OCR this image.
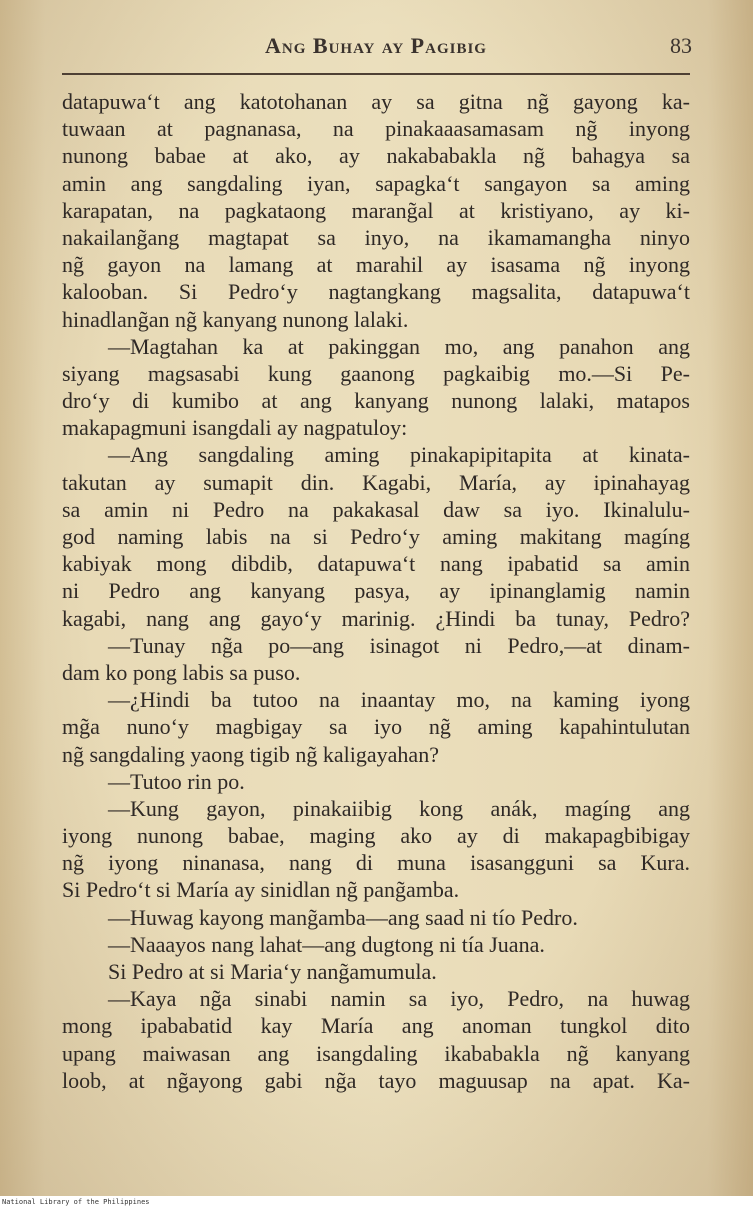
Ang Buhay ay Pagibig	83
datapuwa‘t ang katotohanan ay sa gitna ng̃ gayong ka-
tuwaan at pagnanasa, na pinakaaasamasam ng̃ inyong
nunong babae at ako, ay nakababakla ng̃ bahagya sa
amin ang sangdaling iyan, sapagka‘t sangayon sa aming
karapatan, na pagkataong marang̃al at kristiyano, ay ki-
nakailang̃ang magtapat sa inyo, na ikamamangha ninyo
ng̃ gayon na lamang at marahil ay isasama ng̃ inyong
kalooban. Si Pedro‘y nagtangkang magsalita, datapuwa‘t
hinadlang̃an ng̃ kanyang nunong lalaki.
—Magtahan ka at pakinggan mo, ang panahon ang
siyang magsasabi kung gaanong pagkaibig mo.—Si Pe-
dro‘y di kumibo at ang kanyang nunong lalaki, matapos
makapagmuni isangdali ay nagpatuloy:
—Ang sangdaling aming pinakapipitapita at kinata-
takutan ay sumapit din. Kagabi, María, ay ipinahayag
sa amin ni Pedro na pakakasal daw sa iyo. Ikinalulu-
god naming labis na si Pedro‘y aming makitang magíng
kabiyak mong dibdib, datapuwa‘t nang ipabatid sa amin
ni Pedro ang kanyang pasya, ay ipinanglamig namin
kagabi, nang ang gayo‘y marinig. ¿Hindi ba tunay, Pedro?
—Tunay ng̃a po—ang isinagot ni Pedro,—at dinam-
dam ko pong labis sa puso.
—¿Hindi ba tutoo na inaantay mo, na kaming iyong
mg̃a nuno‘y magbigay sa iyo ng̃ aming kapahintulutan
ng̃ sangdaling yaong tigib ng̃ kaligayahan?
—Tutoo rin po.
—Kung gayon, pinakaiibig kong anák, magíng ang
iyong nunong babae, maging ako ay di makapagbibigay
ng̃ iyong ninanasa, nang di muna isasangguni sa Kura.
Si Pedro‘t si María ay sinidlan ng̃ pang̃amba.
—Huwag kayong mang̃amba—ang saad ni tío Pedro.
—Naaayos nang lahat—ang dugtong ni tía Juana.
Si Pedro at si Maria‘y nang̃amumula.
—Kaya ng̃a sinabi namin sa iyo, Pedro, na huwag
mong ipababatid kay María ang anoman tungkol dito
upang maiwasan ang isangdaling ikababakla ng̃ kanyang
loob, at ng̃ayong gabi ng̃a tayo maguusap na apat. Ka-
National Library of the Philippines
